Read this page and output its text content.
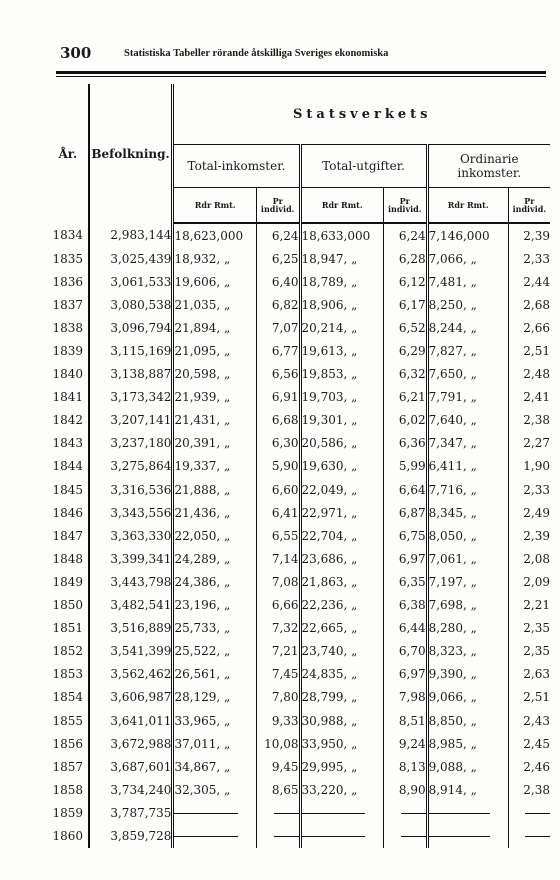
300	Statistiska Tabeller rörande åtskilliga Sveriges ekonomiska
År.	Befolkning.	Statsverkets					
		Total-inkomster.		Total-utgifter.		Ordinarie inkomster.	
		Rdr Rmt.	Pr individ.	Rdr Rmt.	Pr individ.	Rdr Rmt.	Pr individ.
1834	2,983,144	18,623,000	6,24	18,633,000	6,24	7,146,000	2,39
1835	3,025,439	18,932, „	6,25	18,947, „	6,28	7,066, „	2,33
1836	3,061,533	19,606, „	6,40	18,789, „	6,12	7,481, „	2,44
1837	3,080,538	21,035, „	6,82	18,906, „	6,17	8,250, „	2,68
1838	3,096,794	21,894, „	7,07	20,214, „	6,52	8,244, „	2,66
1839	3,115,169	21,095, „	6,77	19,613, „	6,29	7,827, „	2,51
1840	3,138,887	20,598, „	6,56	19,853, „	6,32	7,650, „	2,48
1841	3,173,342	21,939, „	6,91	19,703, „	6,21	7,791, „	2,41
1842	3,207,141	21,431, „	6,68	19,301, „	6,02	7,640, „	2,38
1843	3,237,180	20,391, „	6,30	20,586, „	6,36	7,347, „	2,27
1844	3,275,864	19,337, „	5,90	19,630, „	5,99	6,411, „	1,90
1845	3,316,536	21,888, „	6,60	22,049, „	6,64	7,716, „	2,33
1846	3,343,556	21,436, „	6,41	22,971, „	6,87	8,345, „	2,49
1847	3,363,330	22,050, „	6,55	22,704, „	6,75	8,050, „	2,39
1848	3,399,341	24,289, „	7,14	23,686, „	6,97	7,061, „	2,08
1849	3,443,798	24,386, „	7,08	21,863, „	6,35	7,197, „	2,09
1850	3,482,541	23,196, „	6,66	22,236, „	6,38	7,698, „	2,21
1851	3,516,889	25,733, „	7,32	22,665, „	6,44	8,280, „	2,35
1852	3,541,399	25,522, „	7,21	23,740, „	6,70	8,323, „	2,35
1853	3,562,462	26,561, „	7,45	24,835, „	6,97	9,390, „	2,63
1854	3,606,987	28,129, „	7,80	28,799, „	7,98	9,066, „	2,51
1855	3,641,011	33,965, „	9,33	30,988, „	8,51	8,850, „	2,43
1856	3,672,988	37,011, „	10,08	33,950, „	9,24	8,985, „	2,45
1857	3,687,601	34,867, „	9,45	29,995, „	8,13	9,088, „	2,46
1858	3,734,240	32,305, „	8,65	33,220, „	8,90	8,914, „	2,38
1859	3,787,735						
1860	3,859,728						
